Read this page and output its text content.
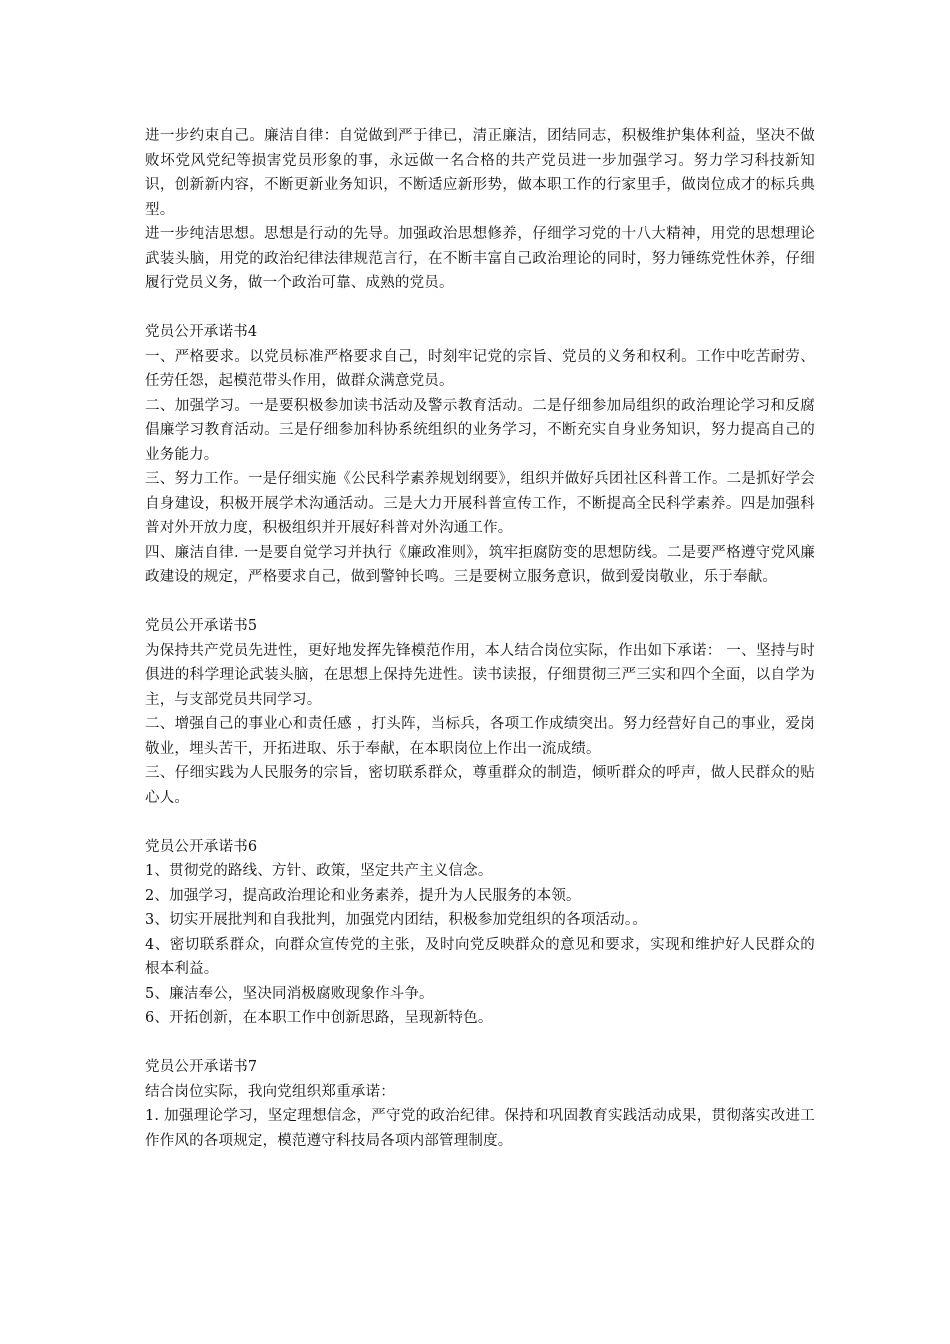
进一步约束自己。廉洁自律：自觉做到严于律已，清正廉洁，团结同志，积极维护集体利益，坚决不做败坏党风党纪等损害党员形象的事，永远做一名合格的共产党员进一步加强学习。努力学习科技新知识，创新新内容，不断更新业务知识，不断适应新形势，做本职工作的行家里手，做岗位成才的标兵典型。

进一步纯洁思想。思想是行动的先导。加强政治思想修养，仔细学习党的十八大精神，用党的思想理论武装头脑，用党的政治纪律法律规范言行，在不断丰富自己政治理论的同时，努力锤练党性休养，仔细履行党员义务，做一个政治可靠、成熟的党员。

党员公开承诺书4

一、严格要求。以党员标准严格要求自己，时刻牢记党的宗旨、党员的义务和权利。工作中吃苦耐劳、任劳任怨，起模范带头作用，做群众满意党员。

二、加强学习。一是要积极参加读书活动及警示教育活动。二是仔细参加局组织的政治理论学习和反腐倡廉学习教育活动。三是仔细参加科协系统组织的业务学习，不断充实自身业务知识，努力提高自己的业务能力。

三、努力工作。一是仔细实施《公民科学素养规划纲要》，组织并做好兵团社区科普工作。二是抓好学会自身建设，积极开展学术沟通活动。三是大力开展科普宣传工作，不断提高全民科学素养。四是加强科普对外开放力度，积极组织并开展好科普对外沟通工作。

四、廉洁自律. 一是要自觉学习并执行《廉政准则》，筑牢拒腐防变的思想防线。二是要严格遵守党风廉政建设的规定，严格要求自己，做到警钟长鸣。三是要树立服务意识，做到爱岗敬业，乐于奉献。

党员公开承诺书5

为保持共产党员先进性，更好地发挥先锋模范作用，本人结合岗位实际，作出如下承诺： 一、坚持与时俱进的科学理论武装头脑，在思想上保持先进性。读书读报，仔细贯彻三严三实和四个全面，以自学为主，与支部党员共同学习。

二、增强自己的事业心和责任感 ，打头阵，当标兵，各项工作成绩突出。努力经营好自己的事业，爱岗敬业，埋头苦干，开拓进取、乐于奉献，在本职岗位上作出一流成绩。

三、仔细实践为人民服务的宗旨，密切联系群众，尊重群众的制造，倾听群众的呼声，做人民群众的贴心人。

党员公开承诺书6

1、贯彻党的路线、方针、政策，坚定共产主义信念。

2、加强学习，提高政治理论和业务素养，提升为人民服务的本领。

3、切实开展批判和自我批判，加强党内团结，积极参加党组织的各项活动。。

4、密切联系群众，向群众宣传党的主张，及时向党反映群众的意见和要求，实现和维护好人民群众的根本利益。

5、廉洁奉公，坚决同消极腐败现象作斗争。

6、开拓创新，在本职工作中创新思路，呈现新特色。

党员公开承诺书7

结合岗位实际，我向党组织郑重承诺：

1. 加强理论学习，坚定理想信念，严守党的政治纪律。保持和巩固教育实践活动成果，贯彻落实改进工作作风的各项规定，模范遵守科技局各项内部管理制度。
